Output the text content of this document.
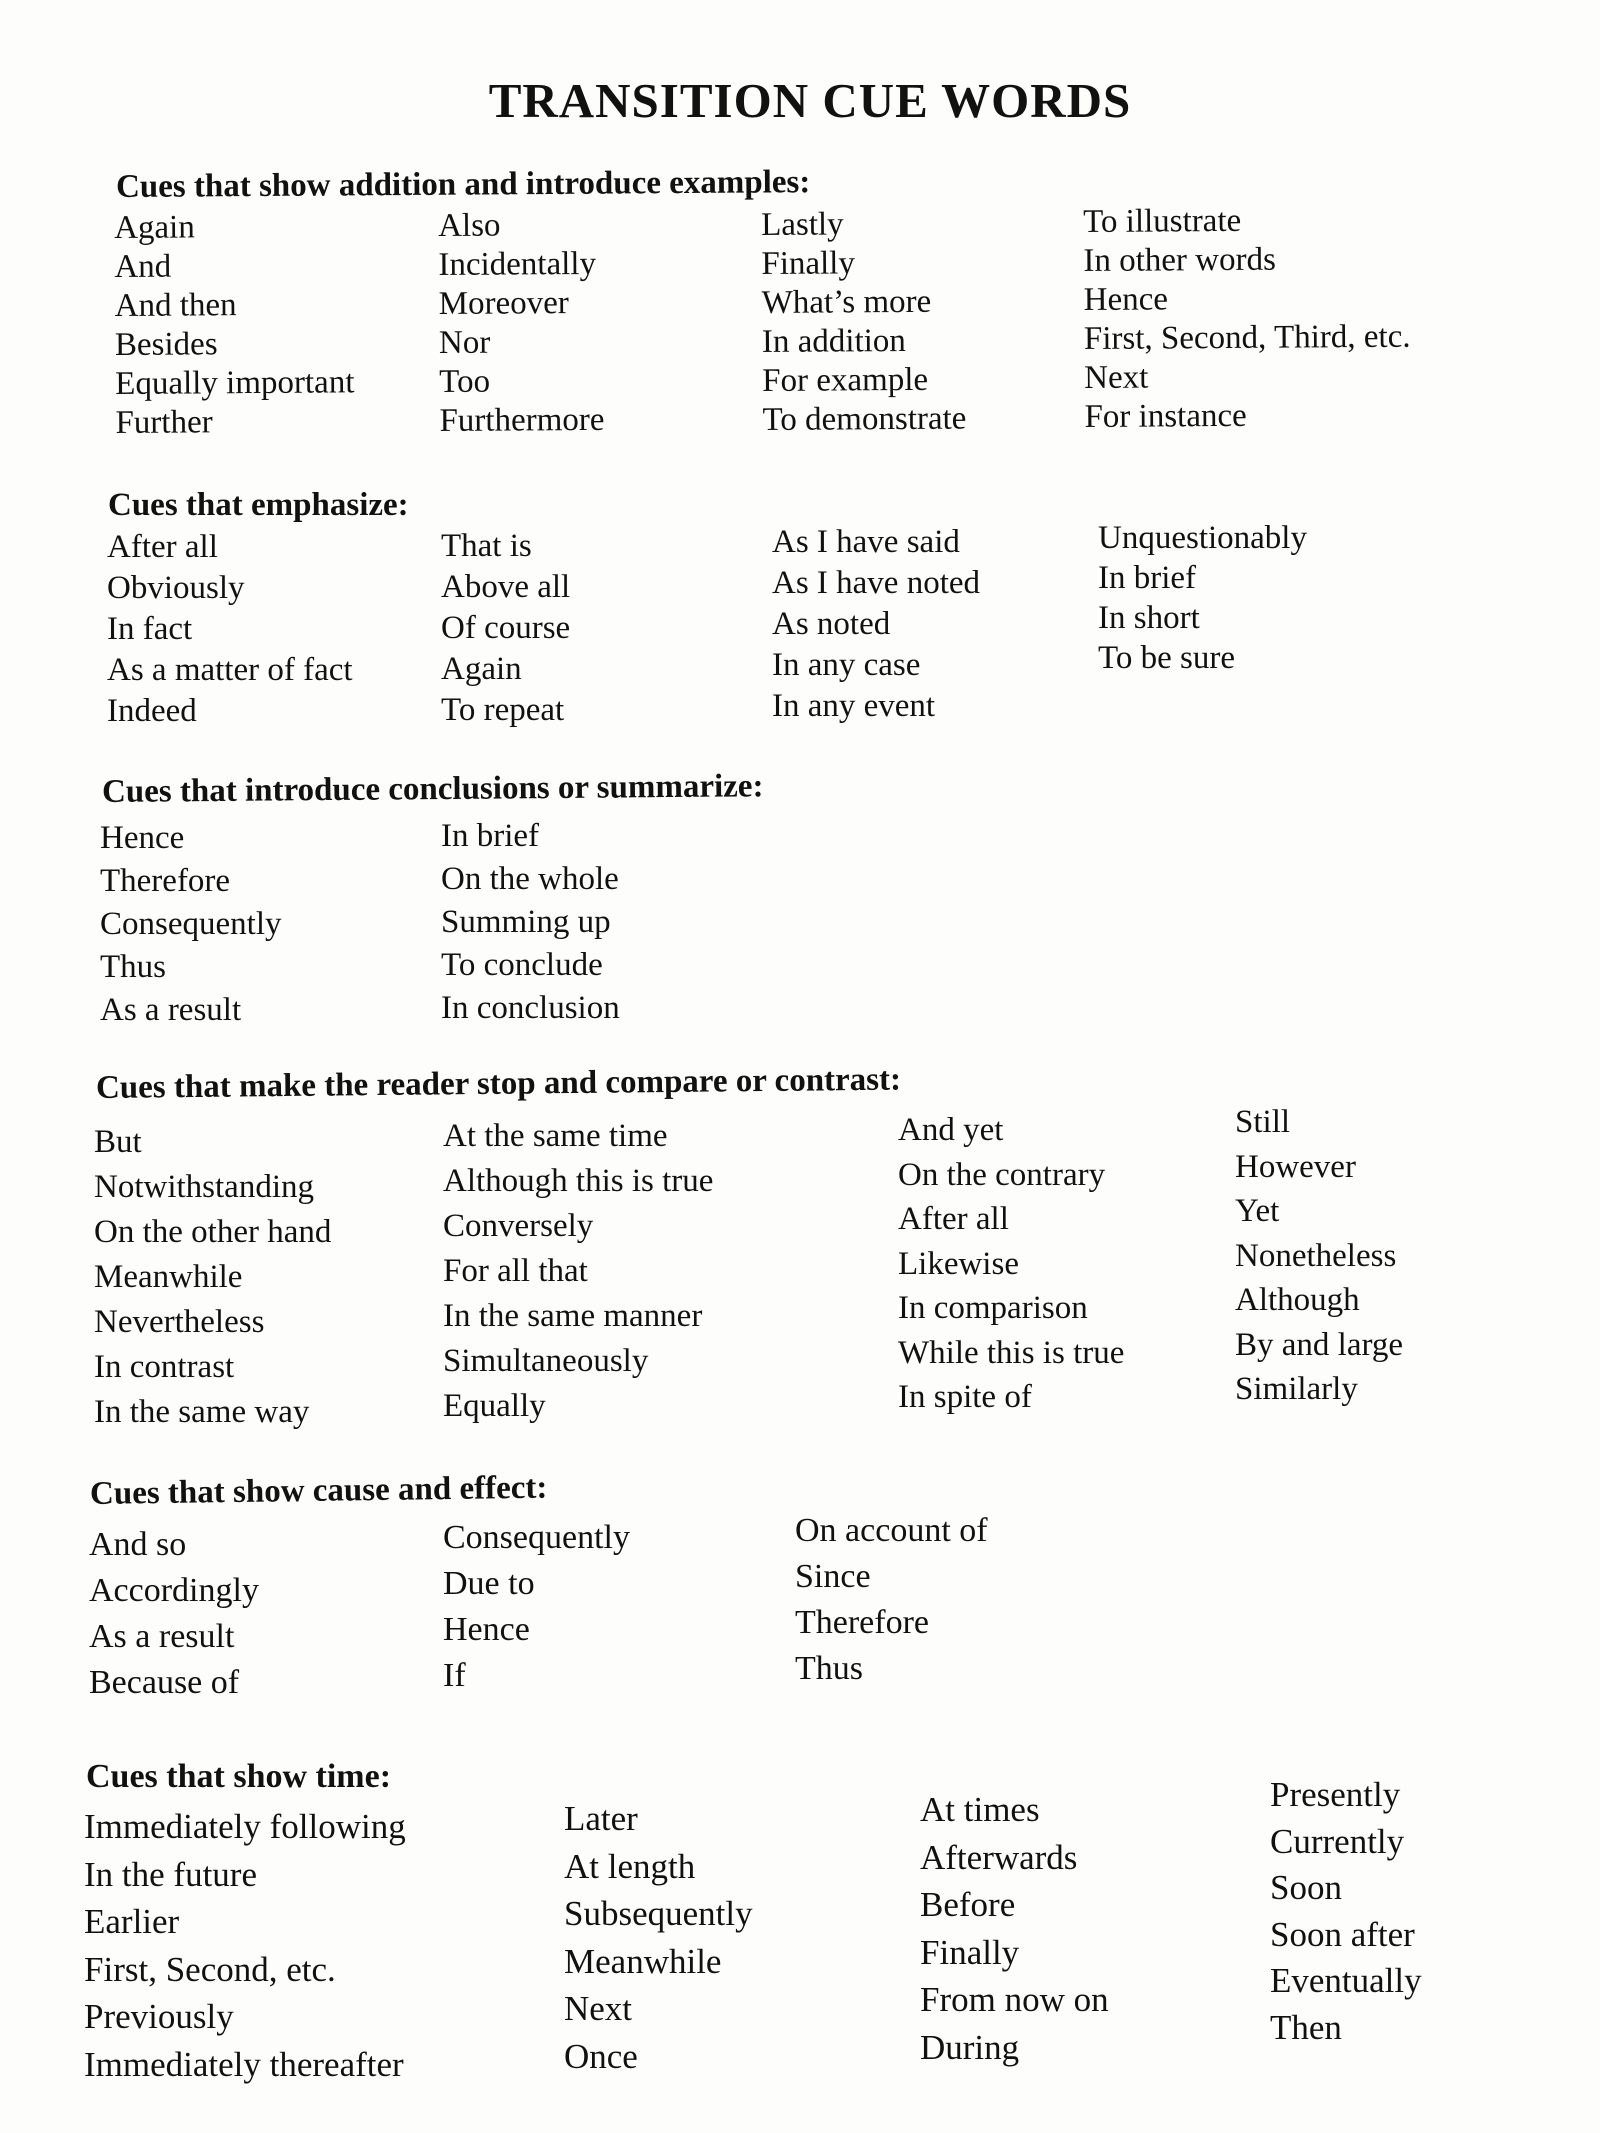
TRANSITION CUE WORDS
Cues that show addition and introduce examples:
Again
And
And then
Besides
Equally important
Further
Also
Incidentally
Moreover
Nor
Too
Furthermore
Lastly
Finally
What’s more
In addition
For example
To demonstrate
To illustrate
In other words
Hence
First, Second, Third, etc.
Next
For instance
Cues that emphasize:
After all
Obviously
In fact
As a matter of fact
Indeed
That is
Above all
Of course
Again
To repeat
As I have said
As I have noted
As noted
In any case
In any event
Unquestionably
In brief
In short
To be sure
Cues that introduce conclusions or summarize:
Hence
Therefore
Consequently
Thus
As a result
In brief
On the whole
Summing up
To conclude
In conclusion
Cues that make the reader stop and compare or contrast:
But
Notwithstanding
On the other hand
Meanwhile
Nevertheless
In contrast
In the same way
At the same time
Although this is true
Conversely
For all that
In the same manner
Simultaneously
Equally
And yet
On the contrary
After all
Likewise
In comparison
While this is true
In spite of
Still
However
Yet
Nonetheless
Although
By and large
Similarly
Cues that show cause and effect:
And so
Accordingly
As a result
Because of
Consequently
Due to
Hence
If
On account of
Since
Therefore
Thus
Cues that show time:
Immediately following
In the future
Earlier
First, Second, etc.
Previously
Immediately thereafter
Later
At length
Subsequently
Meanwhile
Next
Once
At times
Afterwards
Before
Finally
From now on
During
Presently
Currently
Soon
Soon after
Eventually
Then
